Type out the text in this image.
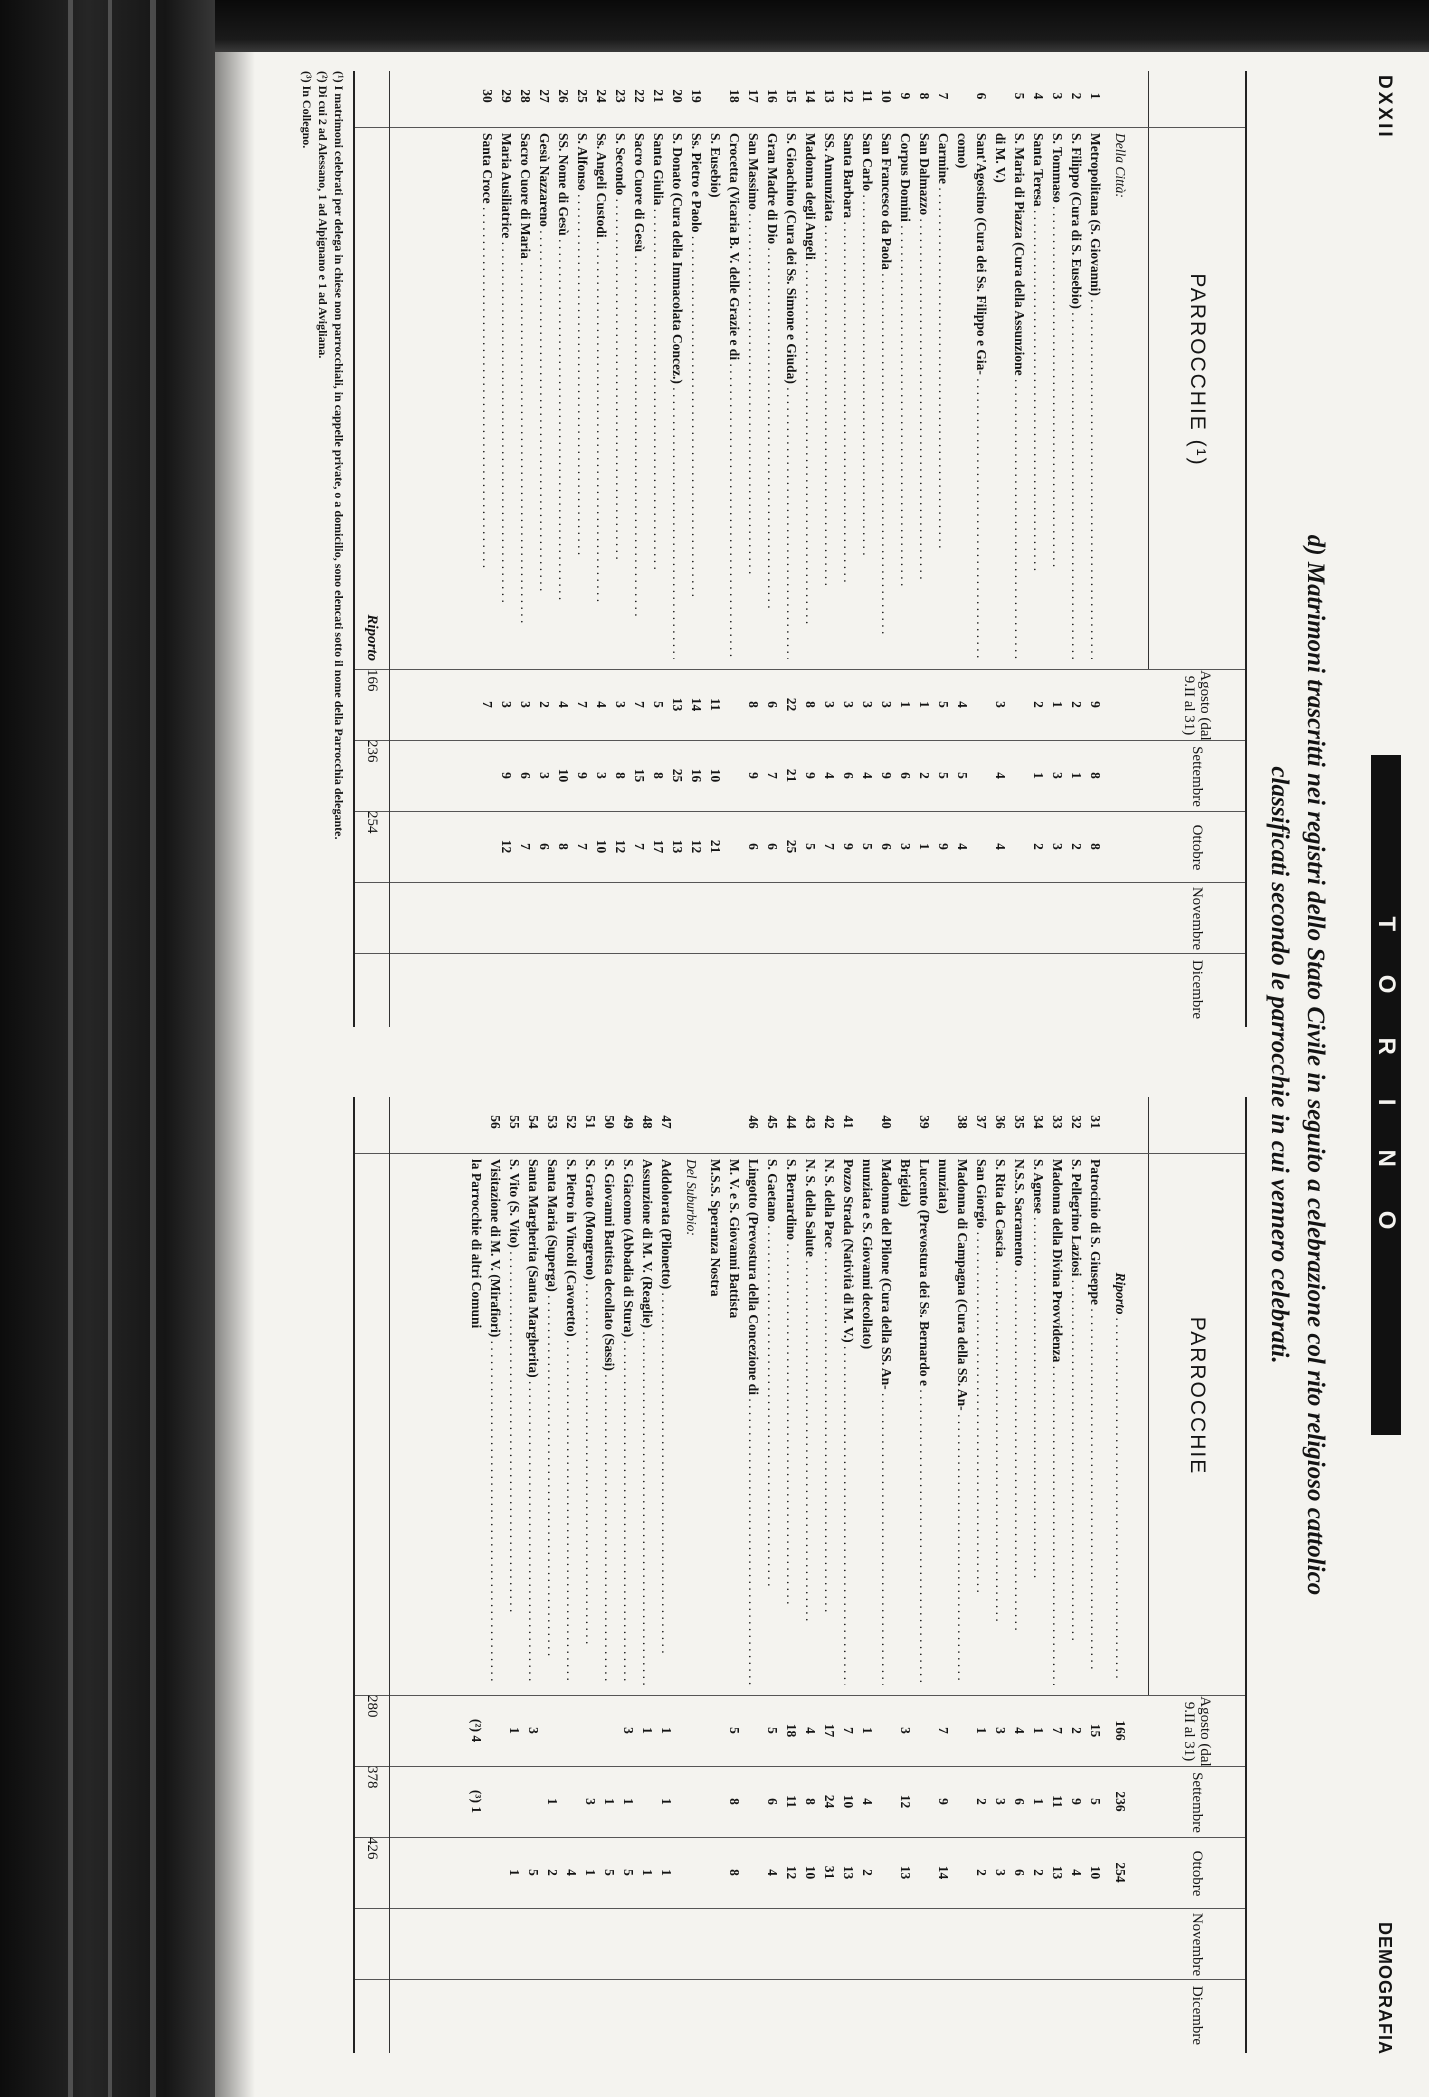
DXXII
TORINO
DEMOGRAFIA
d) Matrimoni trascritti nei registri dello Stato Civile in seguito a celebrazione col rito religioso cattolico
classificati secondo le parrocchie in cui vennero celebrati.
PARROCCHIE (¹)
Agosto (dal 9.II al 31)
Settembre
Ottobre
Novembre
Dicembre
Della Città:
1
Metropolitana (S. Giovanni) . . .
9
8
8
2
S. Filippo (Cura di S. Eusebio) . . .
2
1
2
3
S. Tommaso . . .
1
3
3
4
Santa Teresa . . .
2
1
2
5
S. Maria di Piazza (Cura della Assunzione . . .
di M. V.)
3
4
4
6
Sant'Agostino (Cura dei Ss. Filippo e Gia- . . .
como)
4
5
4
7
Carmine . . .
5
5
9
8
San Dalmazzo . . .
1
2
1
9
Corpus Domini . . .
1
6
3
10
San Francesco da Paola . . .
3
9
6
11
San Carlo . . .
3
4
5
12
Santa Barbara . . .
3
6
9
13
SS. Annunziata . . .
3
4
7
14
Madonna degli Angeli . . .
8
9
5
15
S. Gioachino (Cura dei Ss. Simone e Giuda) . . .
22
21
25
16
Gran Madre di Dio . . .
6
7
6
17
San Massimo . . .
8
9
6
18
Crocetta (Vicaria B. V. delle Grazie e di . . .
S. Eusebio)
11
10
21
19
Ss. Pietro e Paolo . . .
14
16
12
20
S. Donato (Cura della Immacolata Concez.) . . .
13
25
13
21
Santa Giulia . . .
5
8
17
22
Sacro Cuore di Gesù . . .
7
15
7
23
S. Secondo . . .
3
8
12
24
Ss. Angeli Custodi . . .
4
3
10
25
S. Alfonso . . .
7
9
7
26
SS. Nome di Gesù . . .
4
10
8
27
Gesù Nazzareno . . .
2
3
6
28
Sacro Cuore di Maria . . .
3
6
7
29
Maria Ausiliatrice . . .
3
9
12
30
Santa Croce . . .
7
Riporto
166
236
254
PARROCCHIE
Agosto (dal 9.II al 31)
Settembre
Ottobre
Novembre
Dicembre
Riporto . . .
166
236
254
31
Patrocinio di S. Giuseppe . . .
15
5
10
32
S. Pellegrino Laziosi . . .
2
9
4
33
Madonna della Divina Provvidenza . . .
7
11
13
34
S. Agnese . . .
1
1
2
35
N.S.S. Sacramento . . .
4
6
6
36
S. Rita da Cascia . . .
3
3
3
37
San Giorgio . . .
1
2
2
38
Madonna di Campagna (Cura della SS. An- . . .
nunziata)
7
9
14
39
Lucento (Prevostura dei Ss. Bernardo e . . .
Brigida)
3
12
13
40
Madonna del Pilone (Cura della SS. An- . . .
nunziata e S. Giovanni decollato)
1
4
2
41
Pozzo Strada (Natività di M. V.) . . .
7
10
13
42
N. S. della Pace . . .
17
24
31
43
N. S. della Salute . . .
4
8
10
44
S. Bernardino . . .
18
11
12
45
S. Gaetano . . .
5
6
4
46
Lingotto (Prevostura della Concezione di . . .
M. V. e S. Giovanni Battista
5
8
8
M.S.S. Speranza Nostra
Del Suburbio:
47
Addolorata (Pilonetto) . . .
1
1
1
48
Assunzione di M. V. (Reaglie) . . .
1
1
49
S. Giacomo (Abbadia di Stura) . . .
3
1
5
50
S. Giovanni Battista decollato (Sassi) . . .
1
5
51
S. Grato (Mongreno) . . .
3
1
52
S. Pietro in Vincoli (Cavoretto) . . .
4
53
Santa Maria (Superga) . . .
1
2
54
Santa Margherita (Santa Margherita) . . .
3
5
55
S. Vito (S. Vito) . . .
1
1
56
Visitazione di M. V. (Mirafiori) . . .
la Parrocchie di altri Comuni
(²) 4
(³) 1
280
378
426
(¹) I matrimoni celebrati per delega in chiese non parrocchiali, in cappelle private, o a domicilio, sono elencati sotto il nome della Parrocchia delegante.
(²) Di cui 2 ad Alessano, 1 ad Alpignano e 1 ad Avigliana.
(³) In Collegno.
